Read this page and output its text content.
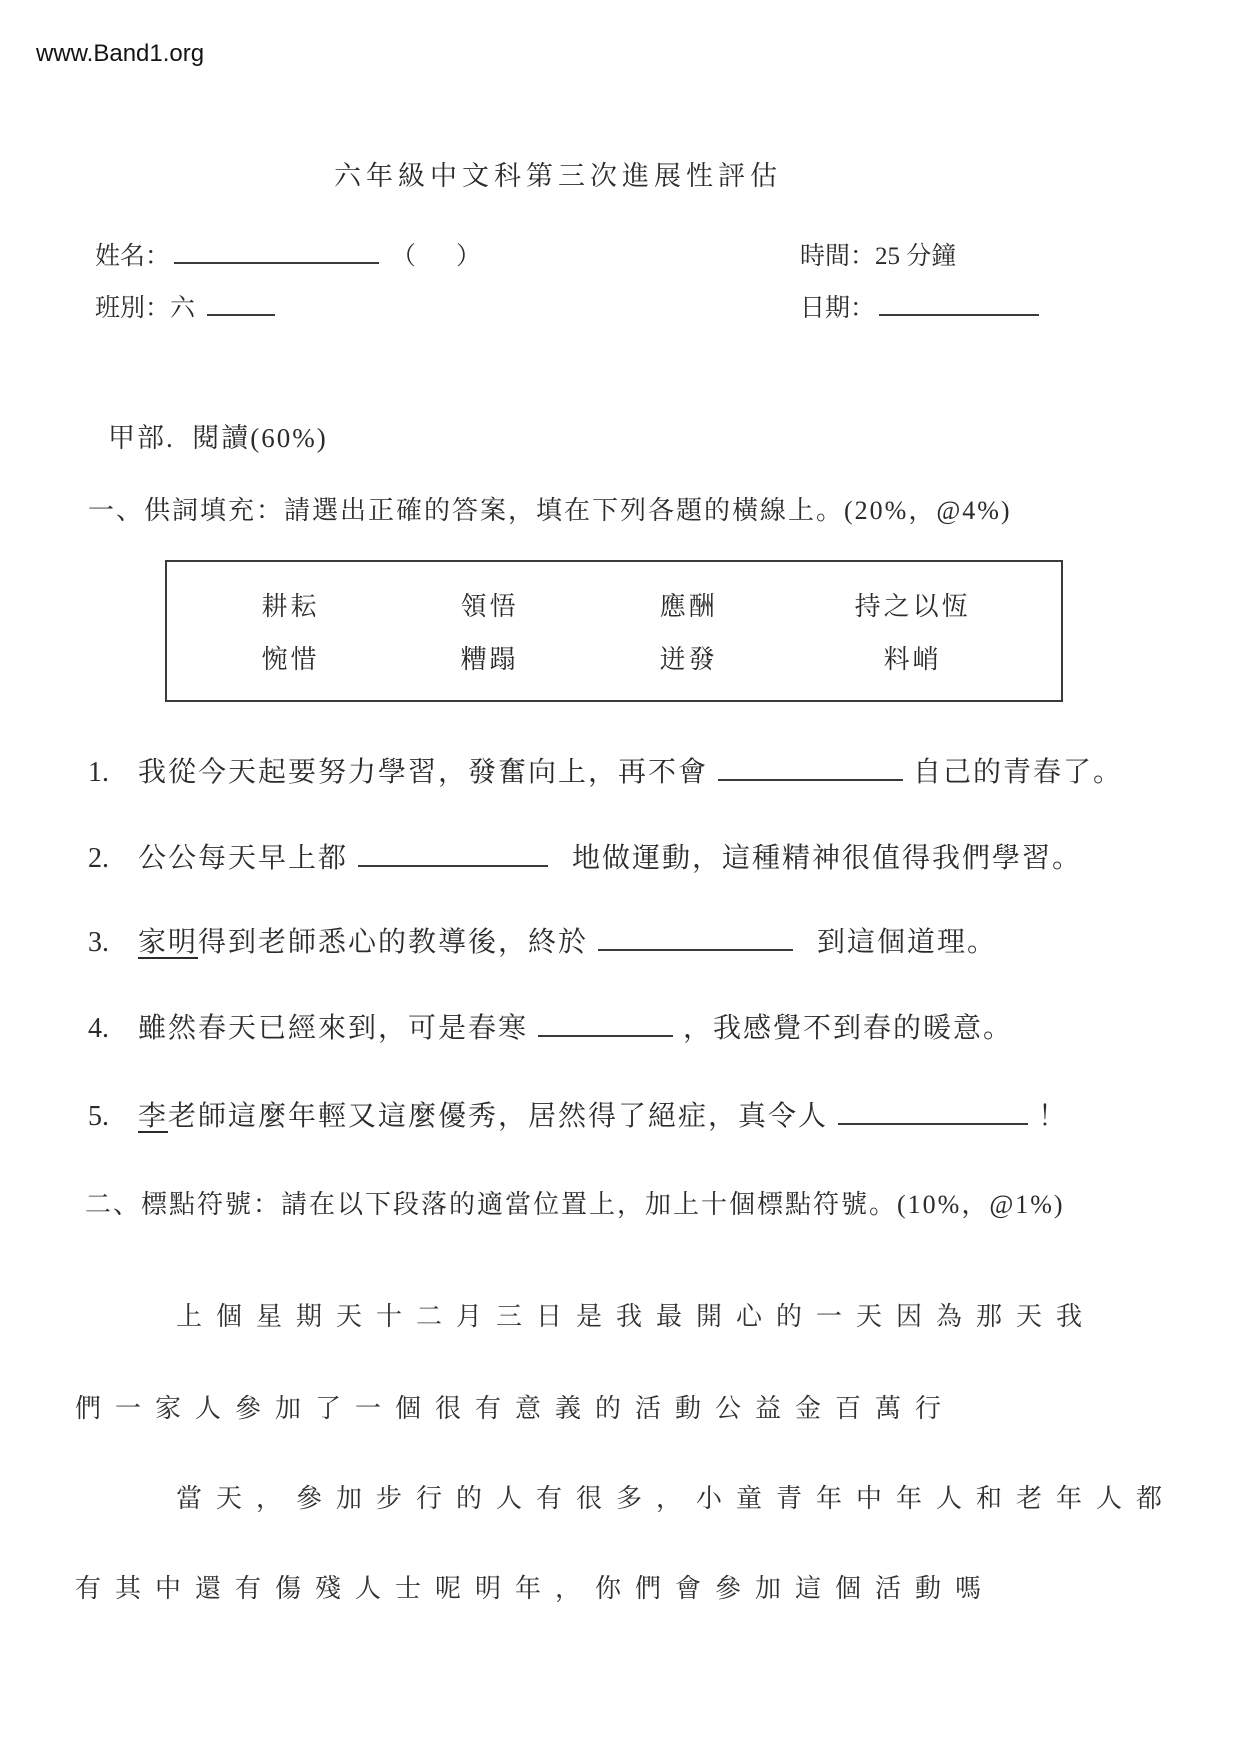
www.Band1.org
六年級中文科第三次進展性評估
姓名：	（ ）
班別：六
時間：25 分鐘
日期：
甲部.  閱讀(60%)
一、供詞填充：請選出正確的答案，填在下列各題的橫線上。(20%，@4%)
耕耘	領悟	應酬	持之以恆
惋惜	糟蹋	迸發	料峭
1. 我從今天起要努力學習，發奮向上，再不會	自己的青春了。
2. 公公每天早上都	地做運動，這種精神很值得我們學習。
3. 家明得到老師悉心的教導後，終於	到這個道理。
4. 雖然春天已經來到，可是春寒	，我感覺不到春的暖意。
5. 李老師這麼年輕又這麼優秀，居然得了絕症，真令人	！
二、標點符號：請在以下段落的適當位置上，加上十個標點符號。(10%，@1%)
上個星期天十二月三日是我最開心的一天因為那天我
們一家人參加了一個很有意義的活動公益金百萬行
當天，參加步行的人有很多，小童青年中年人和老年人都
有其中還有傷殘人士呢明年，你們會參加這個活動嗎
